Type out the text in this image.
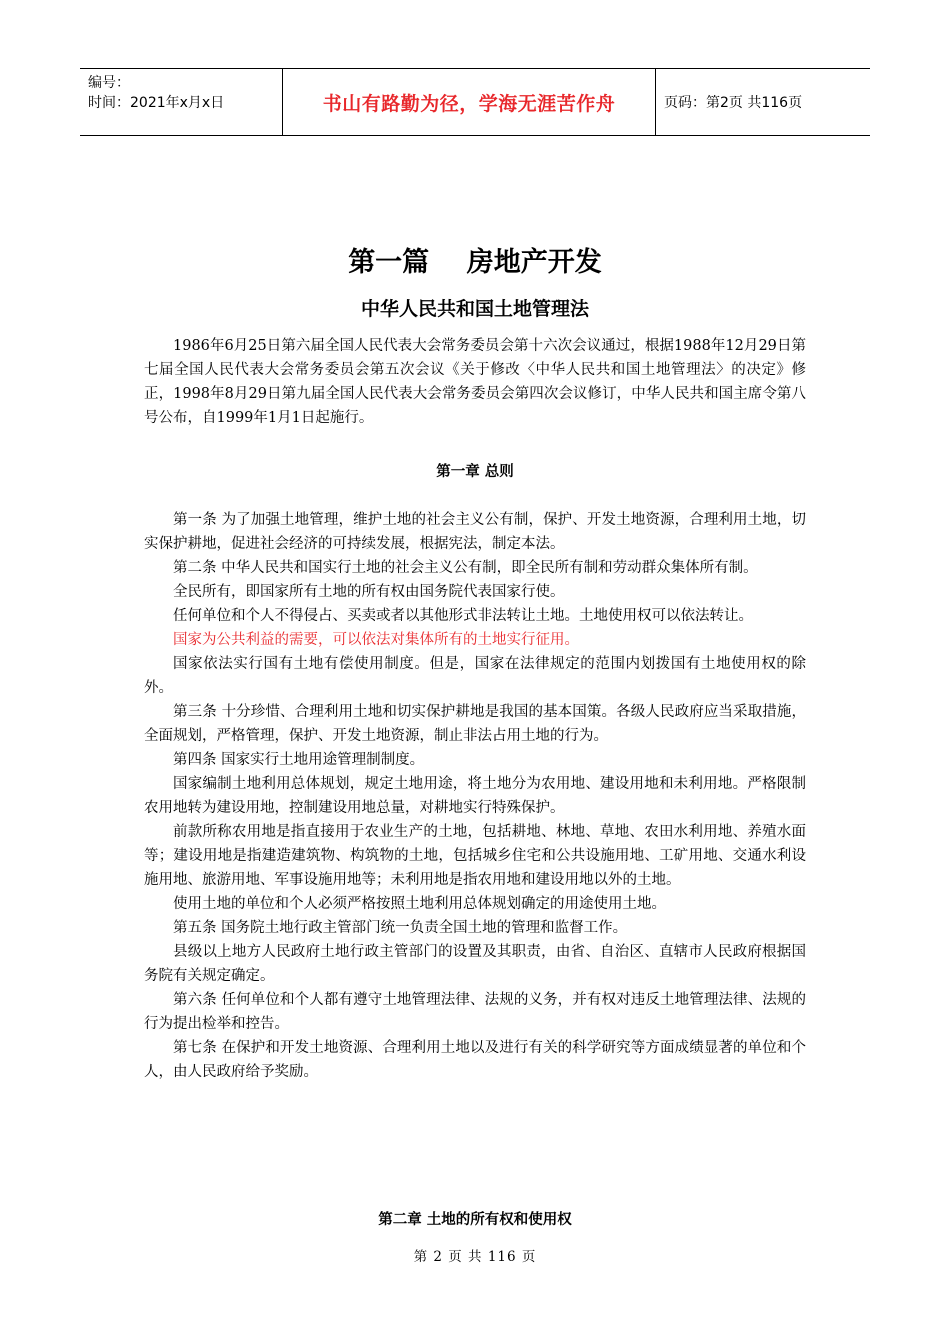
编号：
时间：2021年x月x日	书山有路勤为径，学海无涯苦作舟	页码：第2页 共116页
第一篇    房地产开发
中华人民共和国土地管理法

1986年6月25日第六届全国人民代表大会常务委员会第十六次会议通过，根据1988年12月29日第七届全国人民代表大会常务委员会第五次会议《关于修改〈中华人民共和国土地管理法〉的决定》修正，1998年8月29日第九届全国人民代表大会常务委员会第四次会议修订，中华人民共和国主席令第八号公布，自1999年1月1日起施行。

第一章 总则

第一条 为了加强土地管理，维护土地的社会主义公有制，保护、开发土地资源，合理利用土地，切实保护耕地，促进社会经济的可持续发展，根据宪法，制定本法。

第二条 中华人民共和国实行土地的社会主义公有制，即全民所有制和劳动群众集体所有制。

全民所有，即国家所有土地的所有权由国务院代表国家行使。

任何单位和个人不得侵占、买卖或者以其他形式非法转让土地。土地使用权可以依法转让。

国家为公共利益的需要，可以依法对集体所有的土地实行征用。

国家依法实行国有土地有偿使用制度。但是，国家在法律规定的范围内划拨国有土地使用权的除外。

第三条 十分珍惜、合理利用土地和切实保护耕地是我国的基本国策。各级人民政府应当采取措施，全面规划，严格管理，保护、开发土地资源，制止非法占用土地的行为。

第四条 国家实行土地用途管理制制度。

国家编制土地利用总体规划，规定土地用途，将土地分为农用地、建设用地和未利用地。严格限制农用地转为建设用地，控制建设用地总量，对耕地实行特殊保护。

前款所称农用地是指直接用于农业生产的土地，包括耕地、林地、草地、农田水利用地、养殖水面等；建设用地是指建造建筑物、构筑物的土地，包括城乡住宅和公共设施用地、工矿用地、交通水利设施用地、旅游用地、军事设施用地等；未利用地是指农用地和建设用地以外的土地。

使用土地的单位和个人必须严格按照土地利用总体规划确定的用途使用土地。

第五条 国务院土地行政主管部门统一负责全国土地的管理和监督工作。

县级以上地方人民政府土地行政主管部门的设置及其职责，由省、自治区、直辖市人民政府根据国务院有关规定确定。

第六条 任何单位和个人都有遵守土地管理法律、法规的义务，并有权对违反土地管理法律、法规的行为提出检举和控告。

第七条 在保护和开发土地资源、合理利用土地以及进行有关的科学研究等方面成绩显著的单位和个人，由人民政府给予奖励。

第二章 土地的所有权和使用权
第 2 页 共 116 页
